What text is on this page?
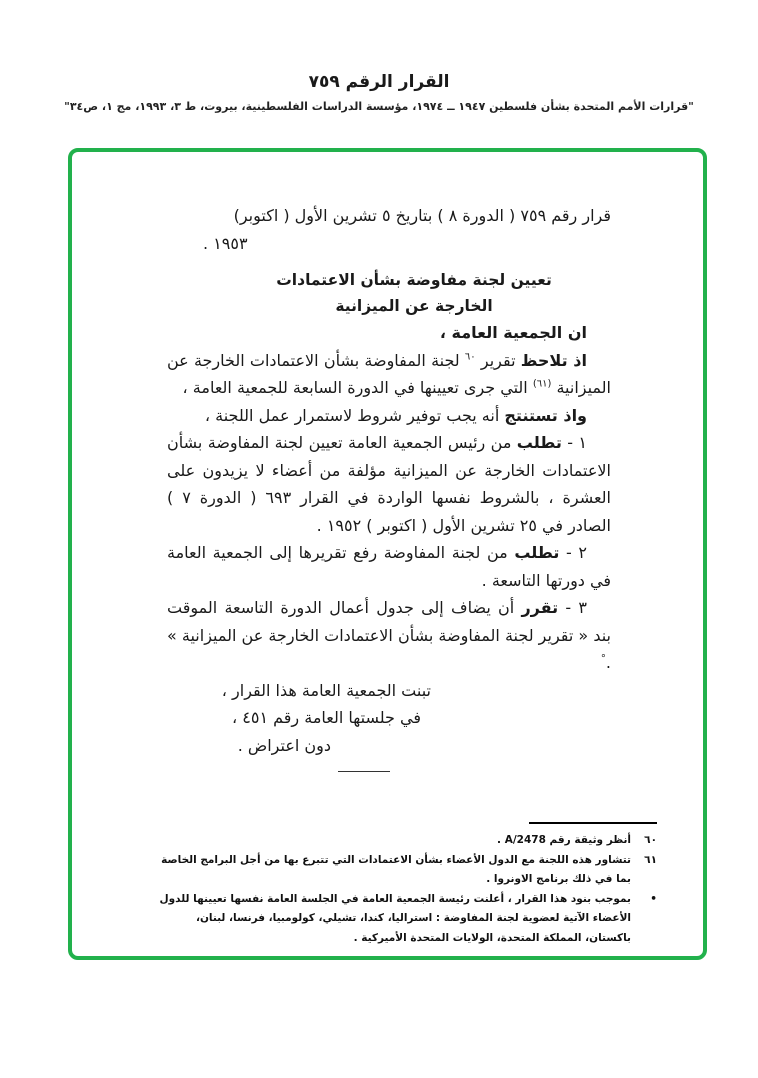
القرار الرقم ٧٥٩
"قرارات الأمم المتحدة بشأن فلسطين ١٩٤٧ ــ ١٩٧٤، مؤسسة الدراسات الفلسطينية، بيروت، ط ٣، ١٩٩٣، مج ١، ص٣٤"
قرار رقم ٧٥٩ ( الدورة ٨ ) بتاريخ ٥ تشرين الأول ( اكتوبر)
١٩٥٣ .
تعيين لجنة مفاوضة بشأن الاعتمادات
الخارجة عن الميزانية

ان الجمعية العامة ،

اذ تلاحظ تقرير $^{٦٠}$ لجنة المفاوضة بشأن الاعتمادات الخارجة عن الميزانية $^{(٦١)}$ التي جرى تعيينها في الدورة السابعة للجمعية العامة ،

واذ تستنتج أنه يجب توفير شروط لاستمرار عمل اللجنة ،

١ - تطلب من رئيس الجمعية العامة تعيين لجنة المفاوضة بشأن الاعتمادات الخارجة عن الميزانية مؤلفة من أعضاء لا يزيدون على العشرة ، بالشروط نفسها الواردة في القرار ٦٩٣ ( الدورة ٧ ) الصادر في ٢٥ تشرين الأول ( اكتوبر ) ١٩٥٢ .

٢ - تطلب من لجنة المفاوضة رفع تقريرها إلى الجمعية العامة في دورتها التاسعة .

٣ - تقرر أن يضاف إلى جدول أعمال الدورة التاسعة الموقت بند « تقرير لجنة المفاوضة بشأن الاعتمادات الخارجة عن الميزانية » .°

تبنت الجمعية العامة هذا القرار ،

في جلستها العامة رقم ٤٥١ ،

دون اعتراض .

٦٠
أنظر وثيقة رقم A/2478 .
٦١
تتشاور هذه اللجنة مع الدول الأعضاء بشأن الاعتمادات التي تتبرع بها من أجل البرامج الخاصة بما في ذلك برنامج الاونروا .
•
بموجب بنود هذا القرار ، أعلنت رئيسة الجمعية العامة في الجلسة العامة نفسها تعيينها للدول الأعضاء الآتية لعضوية لجنة المفاوضة : استراليا، كندا، تشيلي، كولومبيا، فرنسا، لبنان، باكستان، المملكة المتحدة، الولايات المتحدة الأميركية .
